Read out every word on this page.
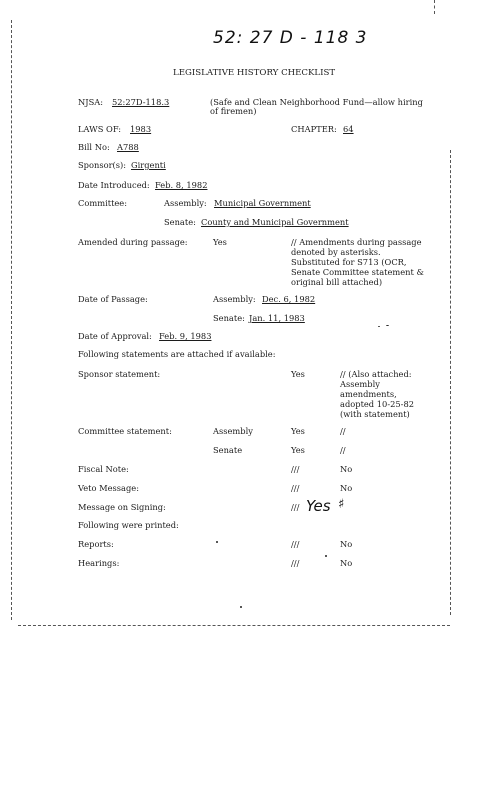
52: 27 D - 118 3
LEGISLATIVE HISTORY CHECKLIST
NJSA: 52:27D-118.3	(Safe and Clean Neighborhood Fund—allow hiring
of firemen)
LAWS OF: 1983	CHAPTER: 64
Bill No: A788
Sponsor(s): Girgenti
Date Introduced: Feb. 8, 1982
Committee:	Assembly: Municipal Government
Senate: County and Municipal Government
Amended during passage:	Yes	// Amendments during passage
denoted by asterisks.
Substituted for S713 (OCR,
Senate Committee statement &
original bill attached)
Date of Passage:	Assembly: Dec. 6, 1982
Senate: Jan. 11, 1983
Date of Approval: Feb. 9, 1983
Following statements are attached if available:
Sponsor statement:	Yes	// (Also attached:
Assembly
amendments,
adopted 10-25-82
(with statement)
Committee statement:	Assembly	Yes	//
Senate	Yes	//
Fiscal Note:	///	No
Veto Message:	///	No
Message on Signing:	/// Yes ♯
Following were printed:
Reports:	///	No
Hearings:	///	No
